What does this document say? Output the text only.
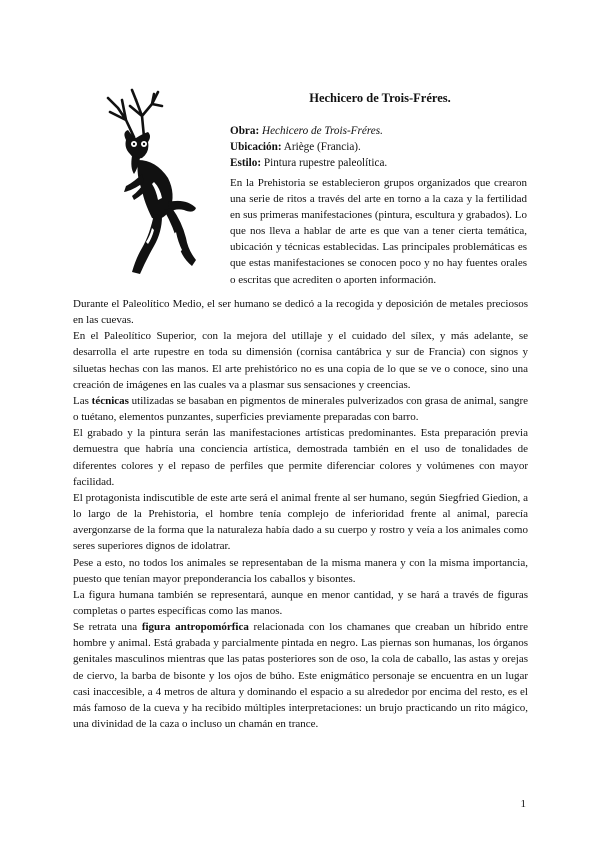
Hechicero de Trois-Fréres.
Obra: Hechicero de Trois-Fréres.
Ubicación: Ariège (Francia).
Estilo: Pintura rupestre paleolítica.
En la Prehistoria se establecieron grupos organizados que crearon una serie de ritos a través del arte en torno a la caza y la fertilidad en sus primeras manifestaciones (pintura, escultura y grabados). Lo que nos lleva a hablar de arte es que van a tener cierta temática, ubicación y técnicas establecidas. Las principales problemáticas es que estas manifestaciones se conocen poco y no hay fuentes orales o escritas que acrediten o aporten información.

Durante el Paleolítico Medio, el ser humano se dedicó a la recogida y deposición de metales preciosos en las cuevas.

En el Paleolítico Superior, con la mejora del utillaje y el cuidado del sílex, y más adelante, se desarrolla el arte rupestre en toda su dimensión (cornisa cantábrica y sur de Francia) con signos y siluetas hechas con las manos. El arte prehistórico no es una copia de lo que se ve o conoce, sino una creación de imágenes en las cuales va a plasmar sus sensaciones y creencias.

Las técnicas utilizadas se basaban en pigmentos de minerales pulverizados con grasa de animal, sangre o tuétano, elementos punzantes, superficies previamente preparadas con barro.

El grabado y la pintura serán las manifestaciones artísticas predominantes. Esta preparación previa demuestra que habría una conciencia artística, demostrada también en el uso de tonalidades de diferentes colores y el repaso de perfiles que permite diferenciar colores y volúmenes con mayor facilidad.

El protagonista indiscutible de este arte será el animal frente al ser humano, según Siegfried Giedion, a lo largo de la Prehistoria, el hombre tenía complejo de inferioridad frente al animal, parecía avergonzarse de la forma que la naturaleza había dado a su cuerpo y rostro y veía a los animales como seres superiores dignos de idolatrar.

Pese a esto, no todos los animales se representaban de la misma manera y con la misma importancia, puesto que tenían mayor preponderancia los caballos y bisontes.

La figura humana también se representará, aunque en menor cantidad, y se hará a través de figuras completas o partes específicas como las manos.

Se retrata una figura antropomórfica relacionada con los chamanes que creaban un híbrido entre hombre y animal. Está grabada y parcialmente pintada en negro. Las piernas son humanas, los órganos genitales masculinos mientras que las patas posteriores son de oso, la cola de caballo, las astas y orejas de ciervo, la barba de bisonte y los ojos de búho. Este enigmático personaje se encuentra en un lugar casi inaccesible, a 4 metros de altura y dominando el espacio a su alrededor por encima del resto, es el más famoso de la cueva y ha recibido múltiples interpretaciones: un brujo practicando un rito mágico, una divinidad de la caza o incluso un chamán en trance.

1
